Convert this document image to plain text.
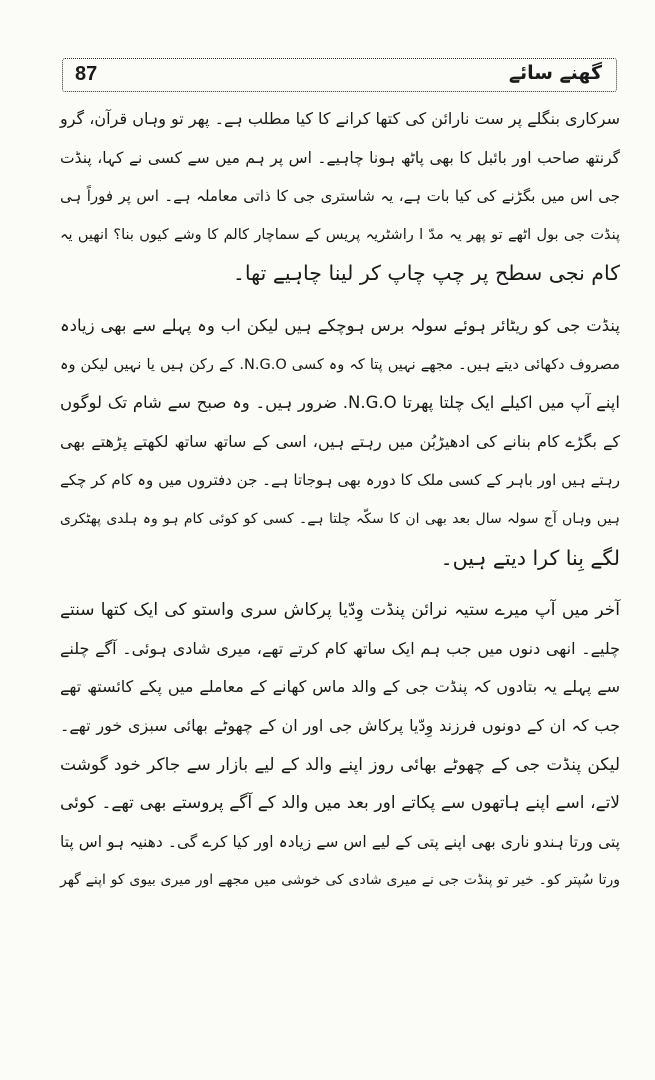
87	گھنے سائے
سرکاری بنگلے پر ست نارائن کی کتھا کرانے کا کیا مطلب ہے۔ پھر تو وہاں قرآن، گرو
گرنتھ صاحب اور بائبل کا بھی پاٹھ ہونا چاہیے۔ اس پر ہم میں سے کسی نے کہا، پنڈت
جی اس میں بگڑنے کی کیا بات ہے، یہ شاستری جی کا ذاتی معاملہ ہے۔ اس پر فوراً ہی
پنڈت جی بول اٹھے تو پھر یہ مدّ ا راشٹریہ پریس کے سماچار کالم کا وشے کیوں بنا؟ انھیں یہ
کام نجی سطح پر چپ چاپ کر لینا چاہیے تھا۔
پنڈت جی کو ریٹائر ہوئے سولہ برس ہوچکے ہیں لیکن اب وہ پہلے سے بھی زیادہ
مصروف دکھائی دیتے ہیں۔ مجھے نہیں پتا کہ وہ کسی N.G.O. کے رکن ہیں یا نہیں لیکن وہ
اپنے آپ میں اکیلے ایک چلتا پھرتا N.G.O. ضرور ہیں۔ وہ صبح سے شام تک لوگوں
کے بگڑے کام بنانے کی ادھیڑبُن میں رہتے ہیں، اسی کے ساتھ ساتھ لکھتے پڑھتے بھی
رہتے ہیں اور باہر کے کسی ملک کا دورہ بھی ہوجاتا ہے۔ جن دفتروں میں وہ کام کر چکے
ہیں وہاں آج سولہ سال بعد بھی ان کا سکّہ چلتا ہے۔ کسی کو کوئی کام ہو وہ ہلدی پھٹکری
لگے بِنا کرا دیتے ہیں۔
آخر میں آپ میرے ستیہ نرائن پنڈت وِدّیا پرکاش سری واستو کی ایک کتھا سنتے
چلیے۔ انھی دنوں میں جب ہم ایک ساتھ کام کرتے تھے، میری شادی ہوئی۔ آگے چلنے
سے پہلے یہ بتادوں کہ پنڈت جی کے والد ماس کھانے کے معاملے میں پکے کائستھ تھے
جب کہ ان کے دونوں فرزند وِدّیا پرکاش جی اور ان کے چھوٹے بھائی سبزی خور تھے۔
لیکن پنڈت جی کے چھوٹے بھائی روز اپنے والد کے لیے بازار سے جاکر خود گوشت
لاتے، اسے اپنے ہاتھوں سے پکاتے اور بعد میں والد کے آگے پروستے بھی تھے۔ کوئی
پتی ورتا ہندو ناری بھی اپنے پتی کے لیے اس سے زیادہ اور کیا کرے گی۔ دھنیہ ہو اس پتا
ورتا سُپتر کو۔ خیر تو پنڈت جی نے میری شادی کی خوشی میں مجھے اور میری بیوی کو اپنے گھر
